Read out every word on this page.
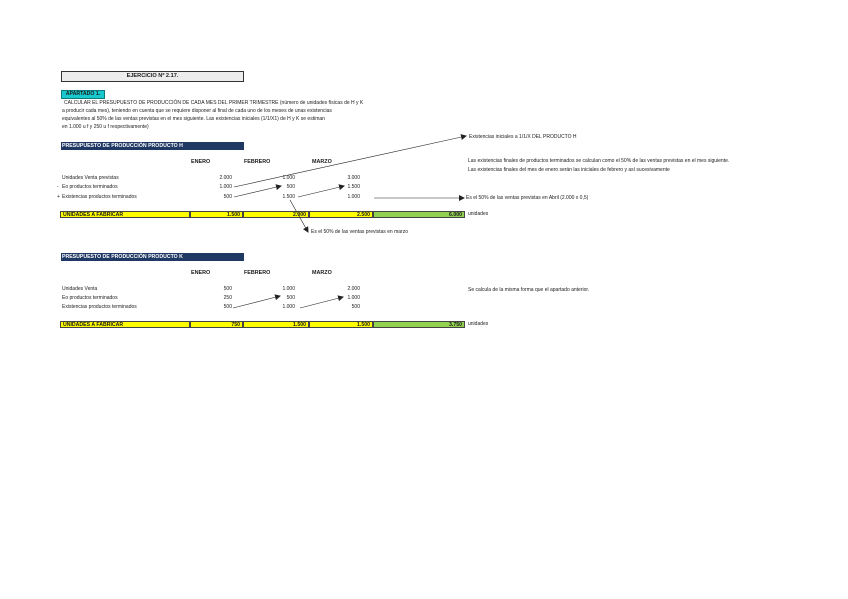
EJERCICIO Nº 2.17.
APARTADO 1.
CALCULAR EL PRESUPUESTO DE PRODUCCIÓN DE CADA MES DEL PRIMER TRIMESTRE (número de unidades físicas de H y K
a producir cada mes), teniendo en cuenta que se requiere disponer al final de cada uno de los meses de unas existencias
equivalentes al 50% de las ventas previstas en el mes siguiente. Las existencias iniciales (1/1/X1) de H y K se estiman
en 1.000 u f y 250 u f respectivamente)
PRESUPUESTO DE PRODUCCIÓN PRODUCTO H
ENERO	FEBRERO	MARZO
Unidades Venta previstas	2.000	1.000	3.000
- Eo productos terminados	1.000	500	1.500
+ Existencias productos terminados	500	1.500	1.000
UNIDADES A FABRICAR	1.500	2.000	2.500	6.000	unidades
Existencias iniciales a 1/1/X DEL PRODUCTO H
Las existencias finales de productos terminados se calculan como el 50% de las ventas previstas en el mes siguiente.
Las existencias finales del mes de enero serán las iniciales de febrero y así sucesivamente
Es el 50% de las ventas previstas en Abril (2.000 x 0,5)
Es el 50% de las ventas previstas en marzo
PRESUPUESTO DE PRODUCCIÓN PRODUCTO K
ENERO	FEBRERO	MARZO
Unidades Venta	500	1.000	2.000
Eo productos terminados	250	500	1.000
Existencias productos terminados	500	1.000	500
UNIDADES A FABRICAR	750	1.500	1.500	3.750	unidades
Se calcula de la misma forma que el apartado anterior.
